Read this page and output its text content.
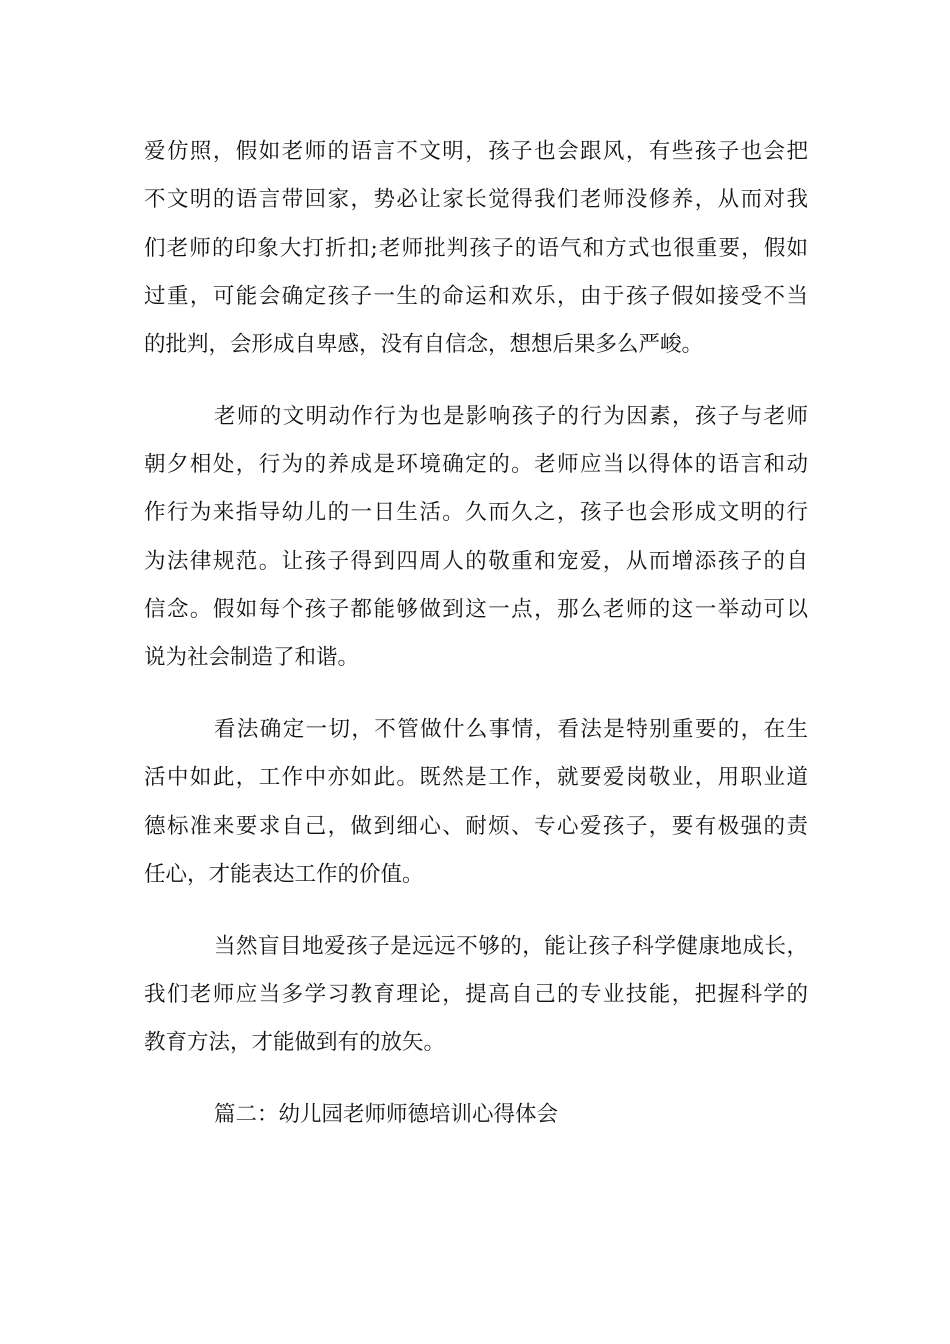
爱仿照，假如老师的语言不文明，孩子也会跟风，有些孩子也会把
不文明的语言带回家，势必让家长觉得我们老师没修养，从而对我
们老师的印象大打折扣;老师批判孩子的语气和方式也很重要，假如
过重，可能会确定孩子一生的命运和欢乐，由于孩子假如接受不当
的批判，会形成自卑感，没有自信念，想想后果多么严峻。
老师的文明动作行为也是影响孩子的行为因素，孩子与老师
朝夕相处，行为的养成是环境确定的。老师应当以得体的语言和动
作行为来指导幼儿的一日生活。久而久之，孩子也会形成文明的行
为法律规范。让孩子得到四周人的敬重和宠爱，从而增添孩子的自
信念。假如每个孩子都能够做到这一点，那么老师的这一举动可以
说为社会制造了和谐。
看法确定一切，不管做什么事情，看法是特别重要的，在生
活中如此，工作中亦如此。既然是工作，就要爱岗敬业，用职业道
德标准来要求自己，做到细心、耐烦、专心爱孩子，要有极强的责
任心，才能表达工作的价值。
当然盲目地爱孩子是远远不够的，能让孩子科学健康地成长，
我们老师应当多学习教育理论，提高自己的专业技能，把握科学的
教育方法，才能做到有的放矢。
篇二：幼儿园老师师德培训心得体会
